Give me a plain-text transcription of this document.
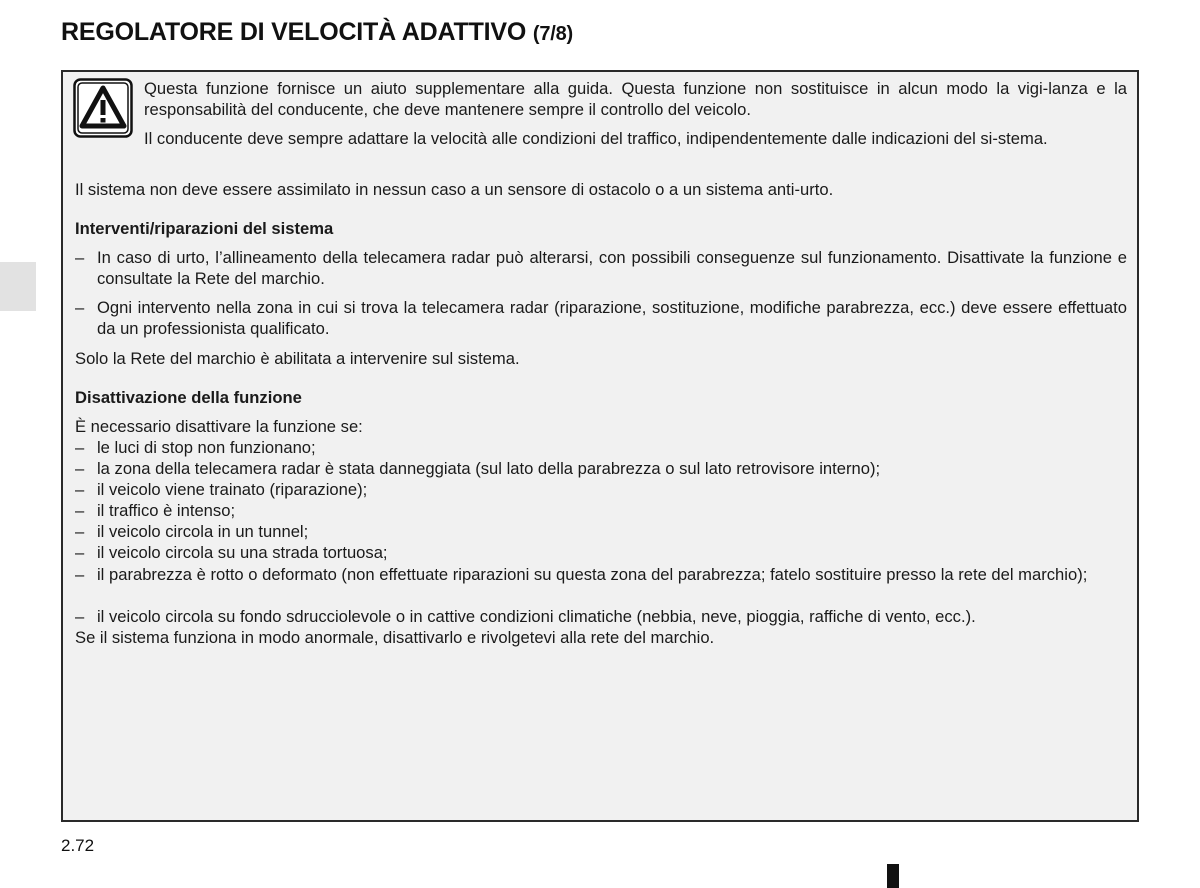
REGOLATORE DI VELOCITÀ ADATTIVO (7/8)

Questa funzione fornisce un aiuto supplementare alla guida. Questa funzione non sostituisce in alcun modo la vigi-lanza e la responsabilità del conducente, che deve mantenere sempre il controllo del veicolo.

Il conducente deve sempre adattare la velocità alle condizioni del traffico, indipendentemente dalle indicazioni del si-stema.

Il sistema non deve essere assimilato in nessun caso a un sensore di ostacolo o a un sistema anti-urto.

Interventi/riparazioni del sistema

– In caso di urto, l’allineamento della telecamera radar può alterarsi, con possibili conseguenze sul funzionamento. Disattivate la funzione e consultate la Rete del marchio.
– Ogni intervento nella zona in cui si trova la telecamera radar (riparazione, sostituzione, modifiche parabrezza, ecc.) deve essere effettuato da un professionista qualificato.

Solo la Rete del marchio è abilitata a intervenire sul sistema.

Disattivazione della funzione

È necessario disattivare la funzione se:

– le luci di stop non funzionano;
– la zona della telecamera radar è stata danneggiata (sul lato della parabrezza o sul lato retrovisore interno);
– il veicolo viene trainato (riparazione);
– il traffico è intenso;
– il veicolo circola in un tunnel;
– il veicolo circola su una strada tortuosa;
– il parabrezza è rotto o deformato (non effettuate riparazioni su questa zona del parabrezza; fatelo sostituire presso la rete del marchio);
– il veicolo circola su fondo sdrucciolevole o in cattive condizioni climatiche (nebbia, neve, pioggia, raffiche di vento, ecc.).

Se il sistema funziona in modo anormale, disattivarlo e rivolgetevi alla rete del marchio.

2.72
